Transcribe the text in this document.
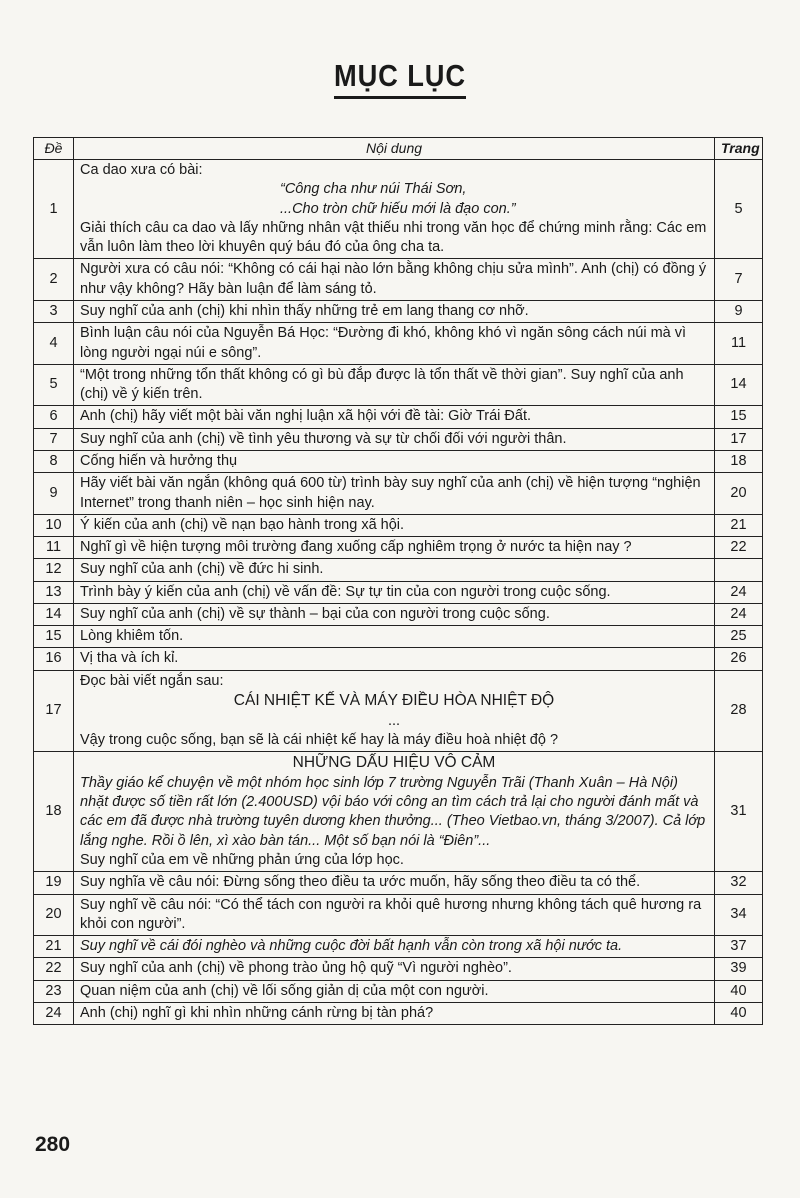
MỤC LỤC
Đề	Nội dung	Trang
1	Ca dao xưa có bài:
“Công cha như núi Thái Sơn,
...Cho tròn chữ hiếu mới là đạo con.”
Giải thích câu ca dao và lấy những nhân vật thiếu nhi trong văn học để chứng minh rằng: Các em vẫn luôn làm theo lời khuyên quý báu đó của ông cha ta.	5
2	Người xưa có câu nói: “Không có cái hại nào lớn bằng không chịu sửa mình”. Anh (chị) có đồng ý như vậy không? Hãy bàn luận để làm sáng tỏ.	7
3	Suy nghĩ của anh (chị) khi nhìn thấy những trẻ em lang thang cơ nhỡ.	9
4	Bình luận câu nói của Nguyễn Bá Học: “Đường đi khó, không khó vì ngăn sông cách núi mà vì lòng người ngại núi e sông”.	11
5	“Một trong những tổn thất không có gì bù đắp được là tổn thất về thời gian”. Suy nghĩ của anh (chị) về ý kiến trên.	14
6	Anh (chị) hãy viết một bài văn nghị luận xã hội với đề tài: Giờ Trái Đất.	15
7	Suy nghĩ của anh (chị) về tình yêu thương và sự từ chối đối với người thân.	17
8	Cống hiến và hưởng thụ	18
9	Hãy viết bài văn ngắn (không quá 600 từ) trình bày suy nghĩ của anh (chị) về hiện tượng “nghiện Internet” trong thanh niên – học sinh hiện nay.	20
10	Ý kiến của anh (chị) về nạn bạo hành trong xã hội.	21
11	Nghĩ gì về hiện tượng môi trường đang xuống cấp nghiêm trọng ở nước ta hiện nay ?	22
12	Suy nghĩ của anh (chị) về đức hi sinh.	

13	Trình bày ý kiến của anh (chị) về vấn đề: Sự tự tin của con người trong cuộc sống.	24
14	Suy nghĩ của anh (chị) về sự thành – bại của con người trong cuộc sống.	24
15	Lòng khiêm tốn.	25
16	Vị tha và ích kỉ.	26
17	Đọc bài viết ngắn sau:
CÁI NHIỆT KẾ VÀ MÁY ĐIỀU HÒA NHIỆT ĐỘ
...
Vậy trong cuộc sống, bạn sẽ là cái nhiệt kế hay là máy điều hoà nhiệt độ ?	28
18	NHỮNG DẤU HIỆU VÔ CẢM
Thầy giáo kể chuyện về một nhóm học sinh lớp 7 trường Nguyễn Trãi (Thanh Xuân – Hà Nội) nhặt được số tiền rất lớn (2.400USD) vội báo với công an tìm cách trả lại cho người đánh mất và các em đã được nhà trường tuyên dương khen thưởng... (Theo Vietbao.vn, tháng 3/2007). Cả lớp lắng nghe. Rồi ồ lên, xì xào bàn tán... Một số bạn nói là “Điên”...
Suy nghĩ của em về những phản ứng của lớp học.	31
19	Suy nghĩa về câu nói: Đừng sống theo điều ta ước muốn, hãy sống theo điều ta có thể.	32
20	Suy nghĩ về câu nói: “Có thể tách con người ra khỏi quê hương nhưng không tách quê hương ra khỏi con người”.	34
21	Suy nghĩ về cái đói nghèo và những cuộc đời bất hạnh vẫn còn trong xã hội nước ta.	37
22	Suy nghĩ của anh (chị) về phong trào ủng hộ quỹ “Vì người nghèo”.	39
23	Quan niệm của anh (chị) về lối sống giản dị của một con người.	40
24	Anh (chị) nghĩ gì khi nhìn những cánh rừng bị tàn phá?	40
280
